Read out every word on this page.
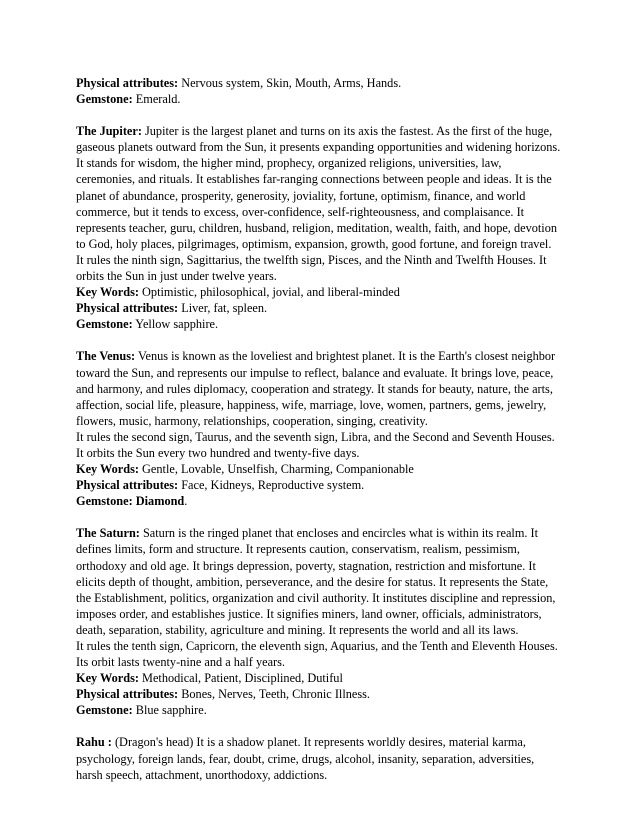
Physical attributes: Nervous system, Skin, Mouth, Arms, Hands.

Gemstone: Emerald.

The Jupiter: Jupiter is the largest planet and turns on its axis the fastest. As the first of the huge, gaseous planets outward from the Sun, it presents expanding opportunities and widening horizons. It stands for wisdom, the higher mind, prophecy, organized religions, universities, law, ceremonies, and rituals. It establishes far-ranging connections between people and ideas. It is the planet of abundance, prosperity, generosity, joviality, fortune, optimism, finance, and world commerce, but it tends to excess, over-confidence, self-righteousness, and complaisance. It represents teacher, guru, children, husband, religion, meditation, wealth, faith, and hope, devotion to God, holy places, pilgrimages, optimism, expansion, growth, good fortune, and foreign travel.

It rules the ninth sign, Sagittarius, the twelfth sign, Pisces, and the Ninth and Twelfth Houses. It orbits the Sun in just under twelve years.

Key Words: Optimistic, philosophical, jovial, and liberal-minded

Physical attributes: Liver, fat, spleen.

Gemstone: Yellow sapphire.

The Venus: Venus is known as the loveliest and brightest planet. It is the Earth's closest neighbor toward the Sun, and represents our impulse to reflect, balance and evaluate. It brings love, peace, and harmony, and rules diplomacy, cooperation and strategy. It stands for beauty, nature, the arts, affection, social life, pleasure, happiness, wife, marriage, love, women, partners, gems, jewelry, flowers, music, harmony, relationships, cooperation, singing, creativity.

It rules the second sign, Taurus, and the seventh sign, Libra, and the Second and Seventh Houses. It orbits the Sun every two hundred and twenty-five days.

Key Words: Gentle, Lovable, Unselfish, Charming, Companionable

Physical attributes: Face, Kidneys, Reproductive system.

Gemstone: Diamond.

The Saturn: Saturn is the ringed planet that encloses and encircles what is within its realm. It defines limits, form and structure. It represents caution, conservatism, realism, pessimism, orthodoxy and old age. It brings depression, poverty, stagnation, restriction and misfortune. It elicits depth of thought, ambition, perseverance, and the desire for status. It represents the State, the Establishment, politics, organization and civil authority. It institutes discipline and repression, imposes order, and establishes justice. It signifies miners, land owner, officials, administrators, death, separation, stability, agriculture and mining. It represents the world and all its laws.

It rules the tenth sign, Capricorn, the eleventh sign, Aquarius, and the Tenth and Eleventh Houses. Its orbit lasts twenty-nine and a half years.

Key Words: Methodical, Patient, Disciplined, Dutiful

Physical attributes: Bones, Nerves, Teeth, Chronic Illness.

Gemstone: Blue sapphire.

Rahu : (Dragon's head) It is a shadow planet. It represents worldly desires, material karma, psychology, foreign lands, fear, doubt, crime, drugs, alcohol, insanity, separation, adversities, harsh speech, attachment, unorthodoxy, addictions.
